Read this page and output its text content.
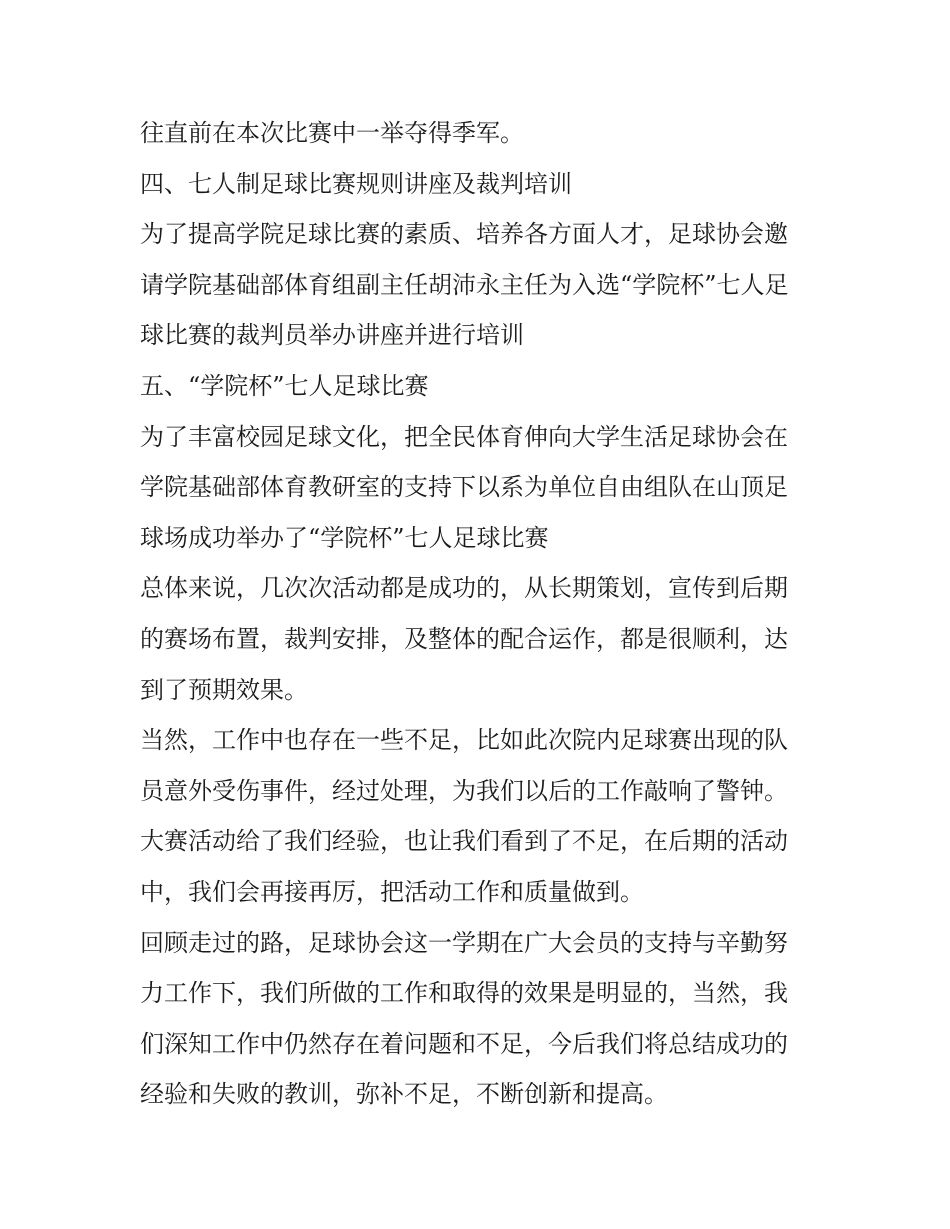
往直前在本次比赛中一举夺得季军。

四、七人制足球比赛规则讲座及裁判培训

为了提高学院足球比赛的素质、培养各方面人才，足球协会邀

请学院基础部体育组副主任胡沛永主任为入选“学院杯”七人足

球比赛的裁判员举办讲座并进行培训

五、“学院杯”七人足球比赛

为了丰富校园足球文化，把全民体育伸向大学生活足球协会在

学院基础部体育教研室的支持下以系为单位自由组队在山顶足

球场成功举办了“学院杯”七人足球比赛

总体来说，几次次活动都是成功的，从长期策划，宣传到后期

的赛场布置，裁判安排，及整体的配合运作，都是很顺利，达

到了预期效果。

当然，工作中也存在一些不足，比如此次院内足球赛出现的队

员意外受伤事件，经过处理，为我们以后的工作敲响了警钟。

大赛活动给了我们经验，也让我们看到了不足，在后期的活动

中，我们会再接再厉，把活动工作和质量做到。

回顾走过的路，足球协会这一学期在广大会员的支持与辛勤努

力工作下，我们所做的工作和取得的效果是明显的，当然，我

们深知工作中仍然存在着问题和不足，今后我们将总结成功的

经验和失败的教训，弥补不足，不断创新和提高。
